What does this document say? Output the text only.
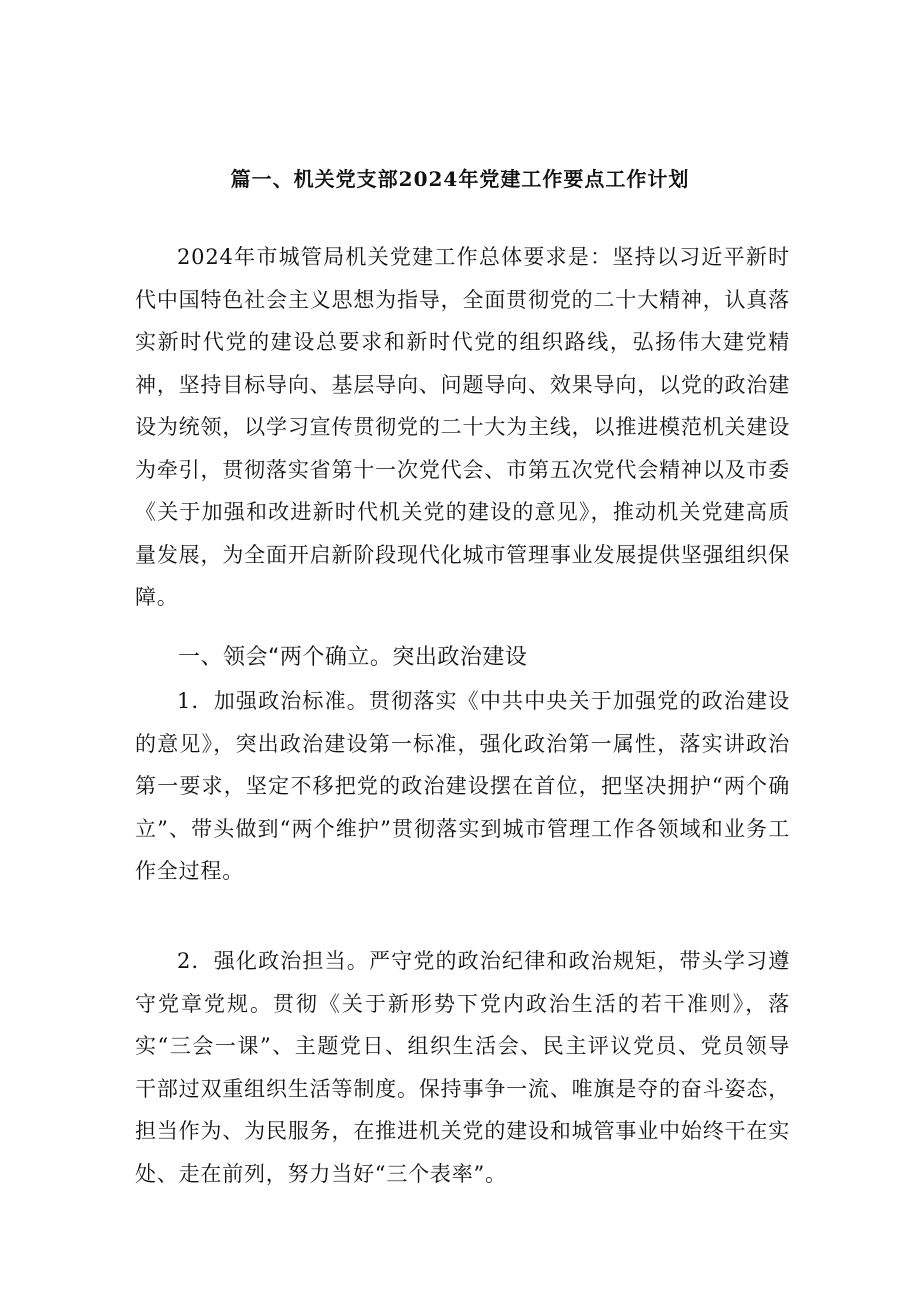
篇一、机关党支部2024年党建工作要点工作计划

2024年市城管局机关党建工作总体要求是：坚持以习近平新时代中国特色社会主义思想为指导，全面贯彻党的二十大精神，认真落实新时代党的建设总要求和新时代党的组织路线，弘扬伟大建党精神，坚持目标导向、基层导向、问题导向、效果导向，以党的政治建设为统领，以学习宣传贯彻党的二十大为主线，以推进模范机关建设为牵引，贯彻落实省第十一次党代会、市第五次党代会精神以及市委《关于加强和改进新时代机关党的建设的意见》，推动机关党建高质量发展，为全面开启新阶段现代化城市管理事业发展提供坚强组织保障。

一、领会“两个确立。突出政治建设

1．加强政治标准。贯彻落实《中共中央关于加强党的政治建设的意见》，突出政治建设第一标准，强化政治第一属性，落实讲政治第一要求，坚定不移把党的政治建设摆在首位，把坚决拥护“两个确立”、带头做到“两个维护”贯彻落实到城市管理工作各领域和业务工作全过程。

2．强化政治担当。严守党的政治纪律和政治规矩，带头学习遵守党章党规。贯彻《关于新形势下党内政治生活的若干准则》，落实“三会一课”、主题党日、组织生活会、民主评议党员、党员领导干部过双重组织生活等制度。保持事争一流、唯旗是夺的奋斗姿态，担当作为、为民服务，在推进机关党的建设和城管事业中始终干在实处、走在前列，努力当好“三个表率”。
